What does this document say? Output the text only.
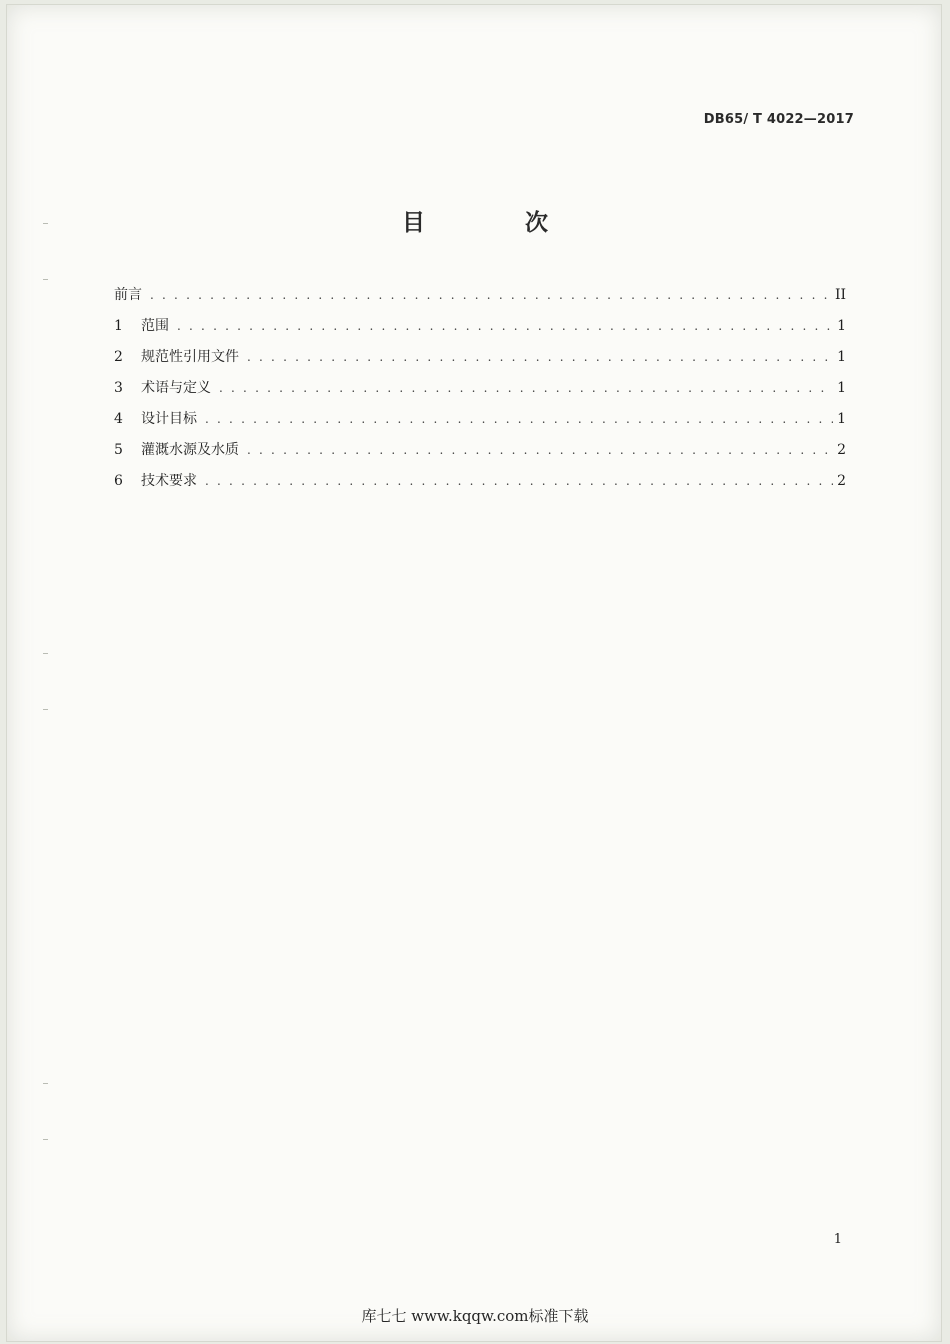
DB65/ T 4022—2017
目 次
前言 . . .	II
1	范围 . . .	1
2	规范性引用文件 . . .	1
3	术语与定义 . . .	1
4	设计目标 . . .	1
5	灌溉水源及水质 . . .	2
6	技术要求 . . .	2
1
库七七 www.kqqw.com标准下载
